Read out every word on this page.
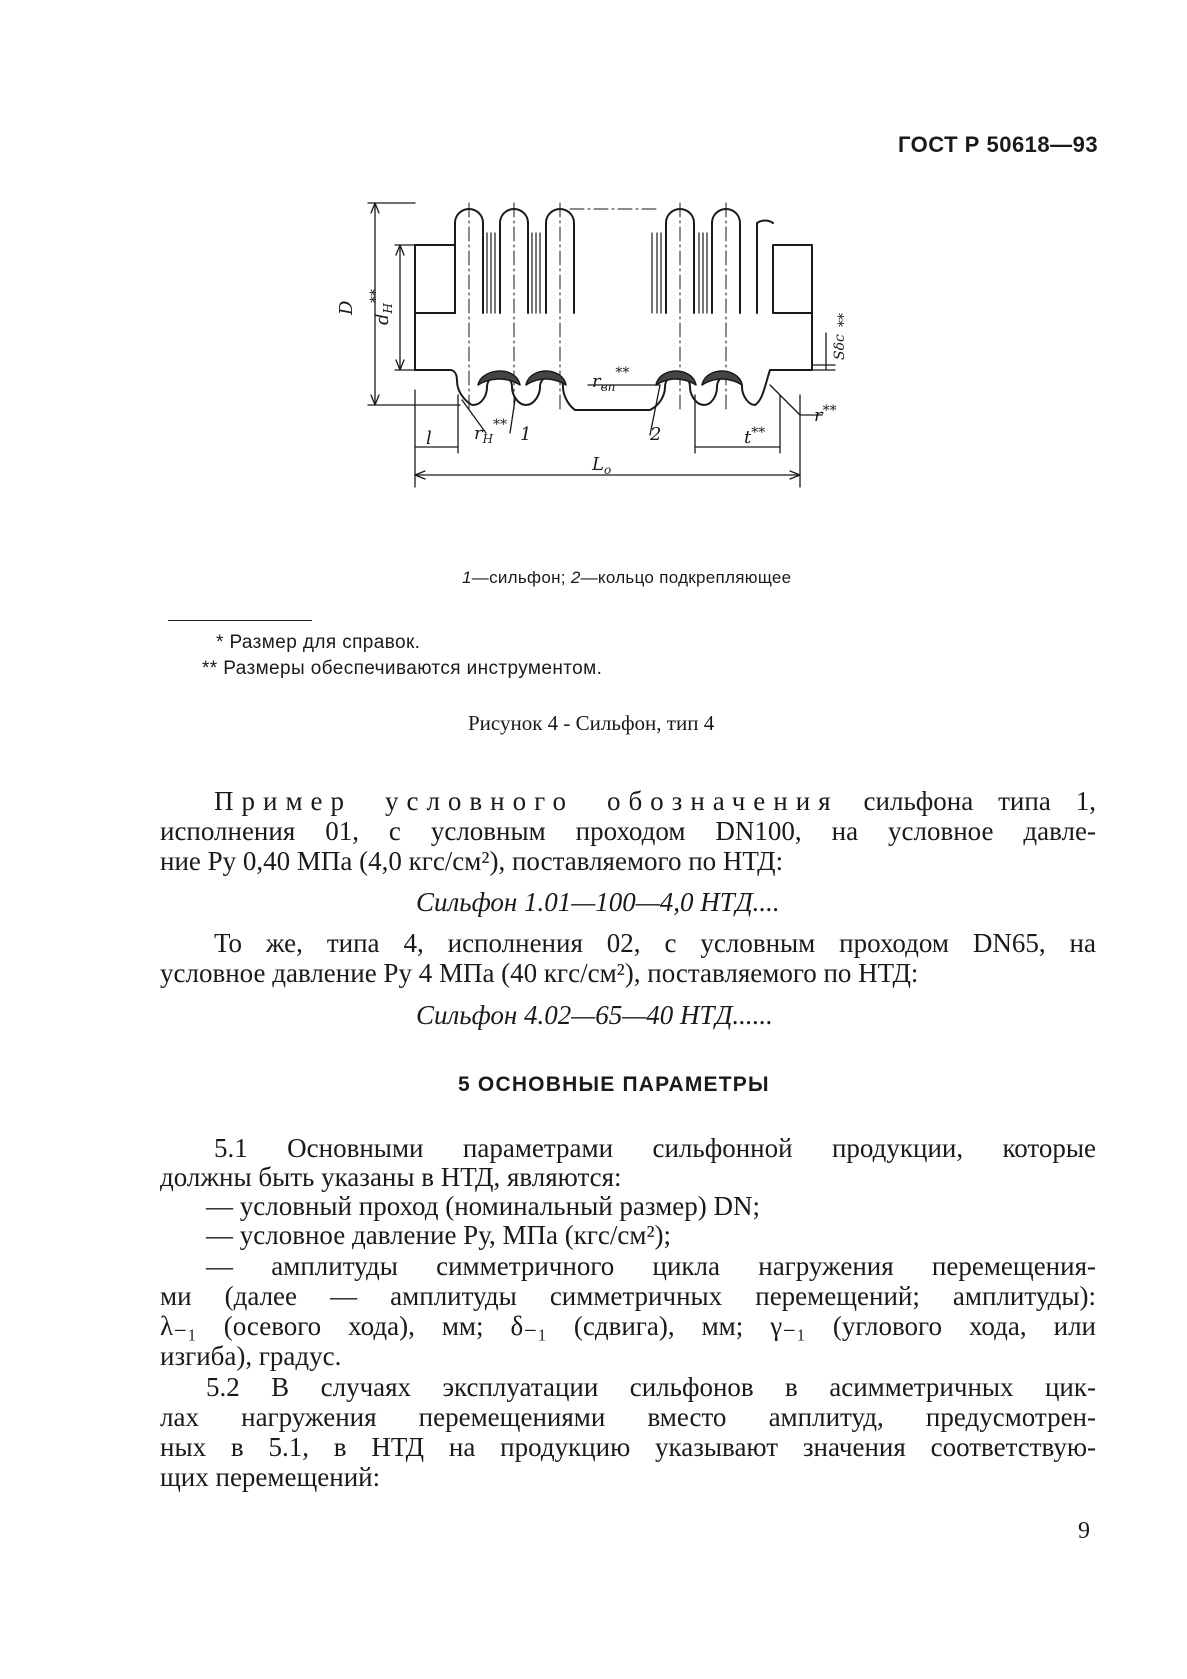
ГОСТ Р 50618—93
D
$d_H^{**}$
Sδc
**
$r_{вп}^{**}$
$r_H^{**}$	r**
t**
l
$L_o$
1	2
1—сильфон; 2—кольцо подкрепляющее
* Размер для справок.
** Размеры обеспечиваются инструментом.
Рисунок 4 - Сильфон, тип 4
Пример условного обозначения сильфона типа 1,
исполнения 01, с условным проходом DN100, на условное давле-
ние Pу 0,40 МПа (4,0 кгс/см²), поставляемого по НТД:
Сильфон 1.01—100—4,0 НТД....
То же, типа 4, исполнения 02, с условным проходом DN65, на
условное давление Pу 4 МПа (40 кгс/см²), поставляемого по НТД:
Сильфон 4.02—65—40 НТД......
5 ОСНОВНЫЕ ПАРАМЕТРЫ
5.1 Основными параметрами сильфонной продукции, которые
должны быть указаны в НТД, являются:
— условный проход (номинальный размер) DN;
— условное давление Pу, МПа (кгс/см²);
— амплитуды симметричного цикла нагружения перемещения-
ми (далее — амплитуды симметричных перемещений; амплитуды):
λ₋₁ (осевого хода), мм; δ₋₁ (сдвига), мм; γ₋₁ (углового хода, или
изгиба), градус.
5.2 В случаях эксплуатации сильфонов в асимметричных цик-
лах нагружения перемещениями вместо амплитуд, предусмотрен-
ных в 5.1, в НТД на продукцию указывают значения соответствую-
щих перемещений:
9
